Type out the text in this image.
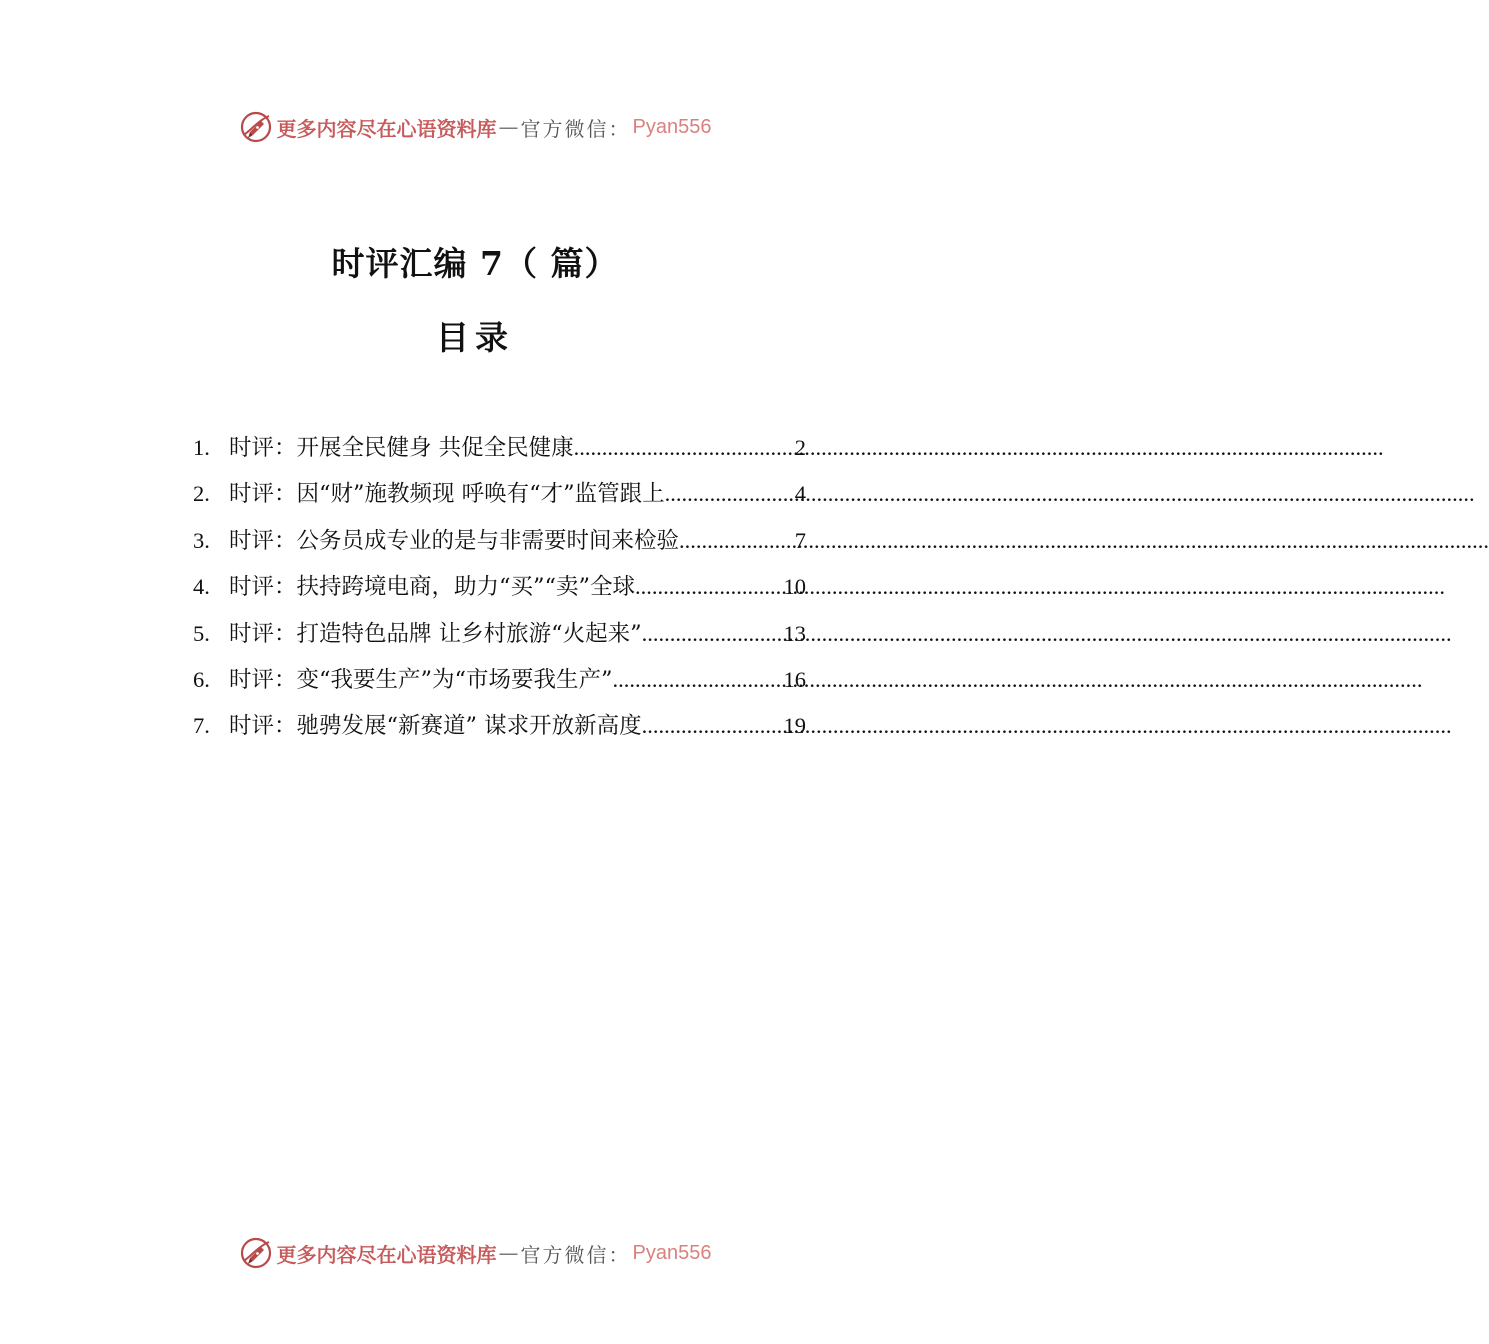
更多内容尽在心语资料库 — 官方微信： Pyan556
时评汇编 7（ 篇）
目录
1. 时评：开展全民健身 共促全民健康 .....	2
2. 时评：因“财”施教频现 呼唤有“才”监管跟上 .....	4
3. 时评：公务员成专业的是与非需要时间来检验 .....	7
4. 时评：扶持跨境电商，助力“买”“卖”全球 .....	10
5. 时评：打造特色品牌 让乡村旅游“火起来” .....	13
6. 时评：变“我要生产”为“市场要我生产” .....	16
7. 时评：驰骋发展“新赛道” 谋求开放新高度 .....	19
更多内容尽在心语资料库 — 官方微信： Pyan556
